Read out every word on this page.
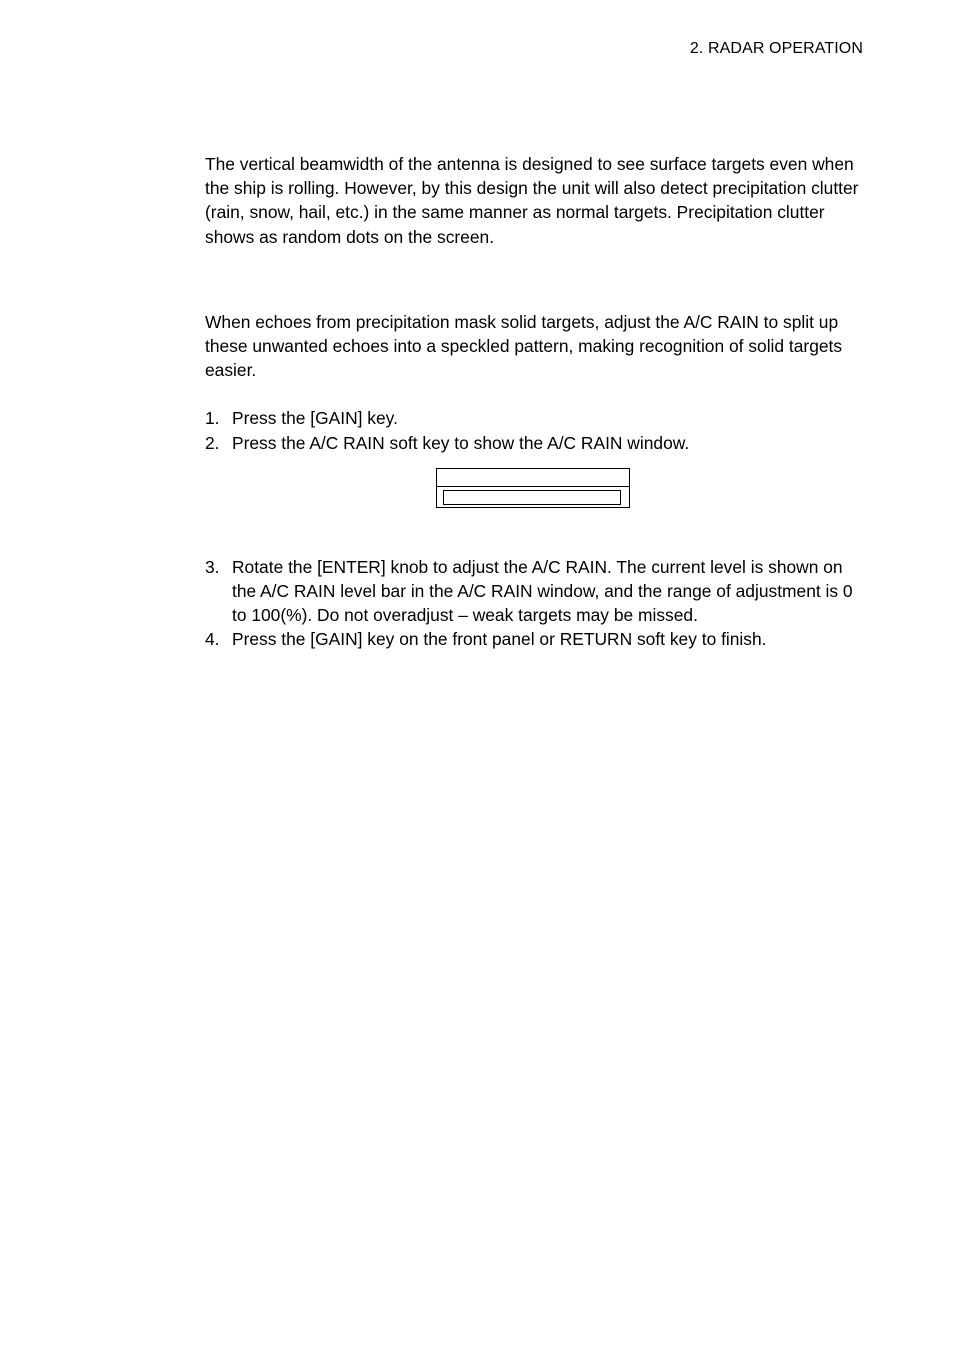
2. RADAR OPERATION

The vertical beamwidth of the antenna is designed to see surface targets even when the ship is rolling. However, by this design the unit will also detect precipitation clutter (rain, snow, hail, etc.) in the same manner as normal targets. Precipitation clutter shows as random dots on the screen.

When echoes from precipitation mask solid targets, adjust the A/C RAIN to split up these unwanted echoes into a speckled pattern, making recognition of solid targets easier.

1. Press the [GAIN] key.
2. Press the A/C RAIN soft key to show the A/C RAIN window.
3. Rotate the [ENTER] knob to adjust the A/C RAIN. The current level is shown on the A/C RAIN level bar in the A/C RAIN window, and the range of adjustment is 0 to 100(%). Do not overadjust – weak targets may be missed.
4. Press the [GAIN] key on the front panel or RETURN soft key to finish.
